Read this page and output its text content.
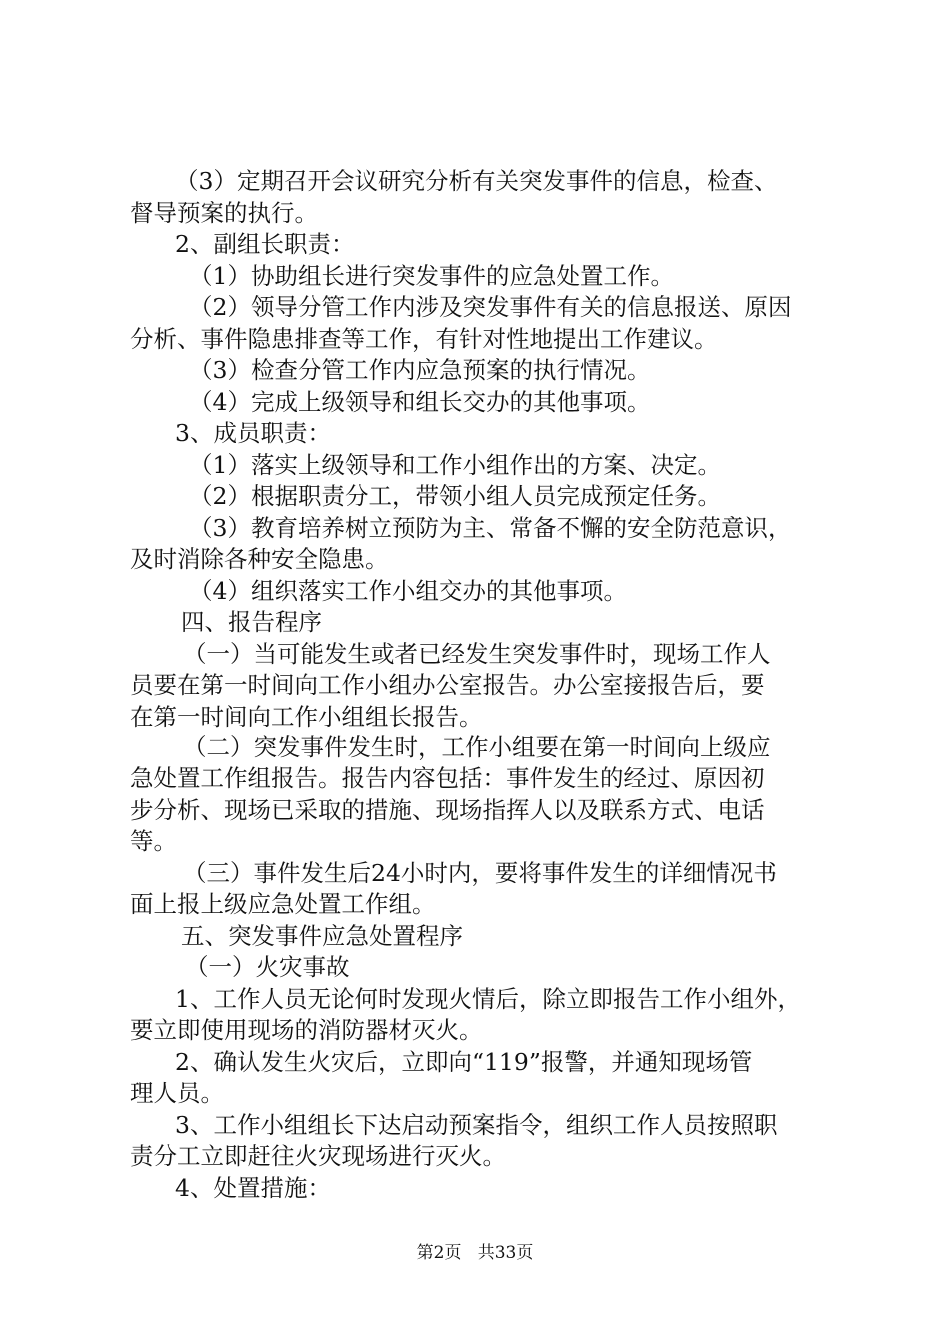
（3）定期召开会议研究分析有关突发事件的信息，检查、
督导预案的执行。
2、副组长职责：
（1）协助组长进行突发事件的应急处置工作。
（2）领导分管工作内涉及突发事件有关的信息报送、原因
分析、事件隐患排查等工作，有针对性地提出工作建议。
（3）检查分管工作内应急预案的执行情况。
（4）完成上级领导和组长交办的其他事项。
3、成员职责：
（1）落实上级领导和工作小组作出的方案、决定。
（2）根据职责分工，带领小组人员完成预定任务。
（3）教育培养树立预防为主、常备不懈的安全防范意识，
及时消除各种安全隐患。
（4）组织落实工作小组交办的其他事项。
四、报告程序
（一）当可能发生或者已经发生突发事件时，现场工作人
员要在第一时间向工作小组办公室报告。办公室接报告后，要
在第一时间向工作小组组长报告。
（二）突发事件发生时，工作小组要在第一时间向上级应
急处置工作组报告。报告内容包括：事件发生的经过、原因初
步分析、现场已采取的措施、现场指挥人以及联系方式、电话
等。
（三）事件发生后24小时内，要将事件发生的详细情况书
面上报上级应急处置工作组。
五、突发事件应急处置程序
（一）火灾事故
1、工作人员无论何时发现火情后，除立即报告工作小组外，
要立即使用现场的消防器材灭火。
2、确认发生火灾后，立即向“119”报警，并通知现场管
理人员。
3、工作小组组长下达启动预案指令，组织工作人员按照职
责分工立即赶往火灾现场进行灭火。
4、处置措施：
第2页 共33页
